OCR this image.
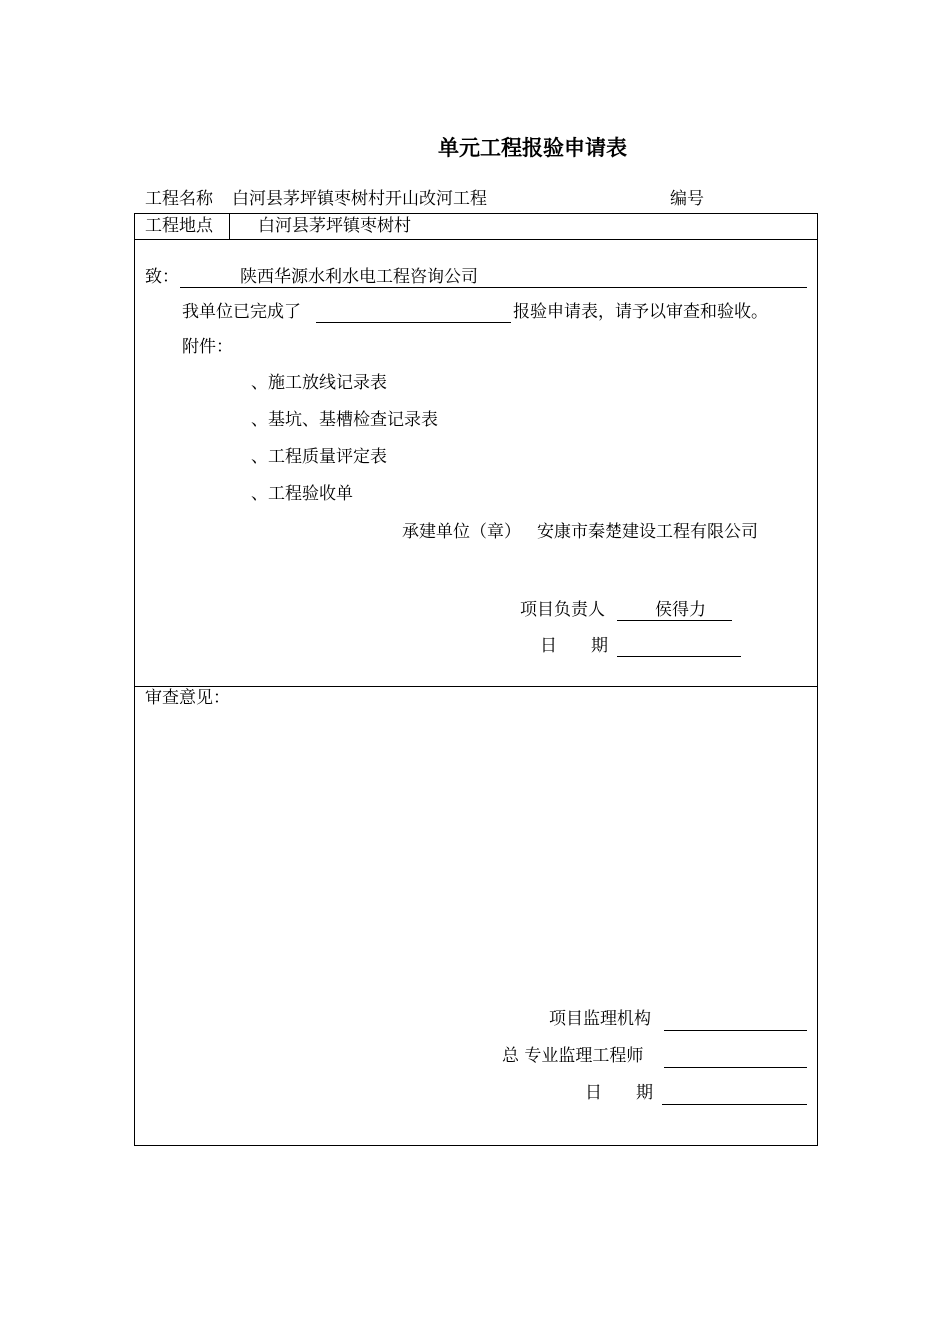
单元工程报验申请表
工程名称 白河县茅坪镇枣树村开山改河工程	编号
工程地点	白河县茅坪镇枣树村
致：	陕西华源水利水电工程咨询公司
我单位已完成了	报验申请表，请予以审查和验收。
附件：
、施工放线记录表
、基坑、基槽检查记录表
、工程质量评定表
、工程验收单
承建单位（章） 安康市秦楚建设工程有限公司
项目负责人	侯得力
日　　期
审查意见：
项目监理机构
总 专业监理工程师
日　　期
